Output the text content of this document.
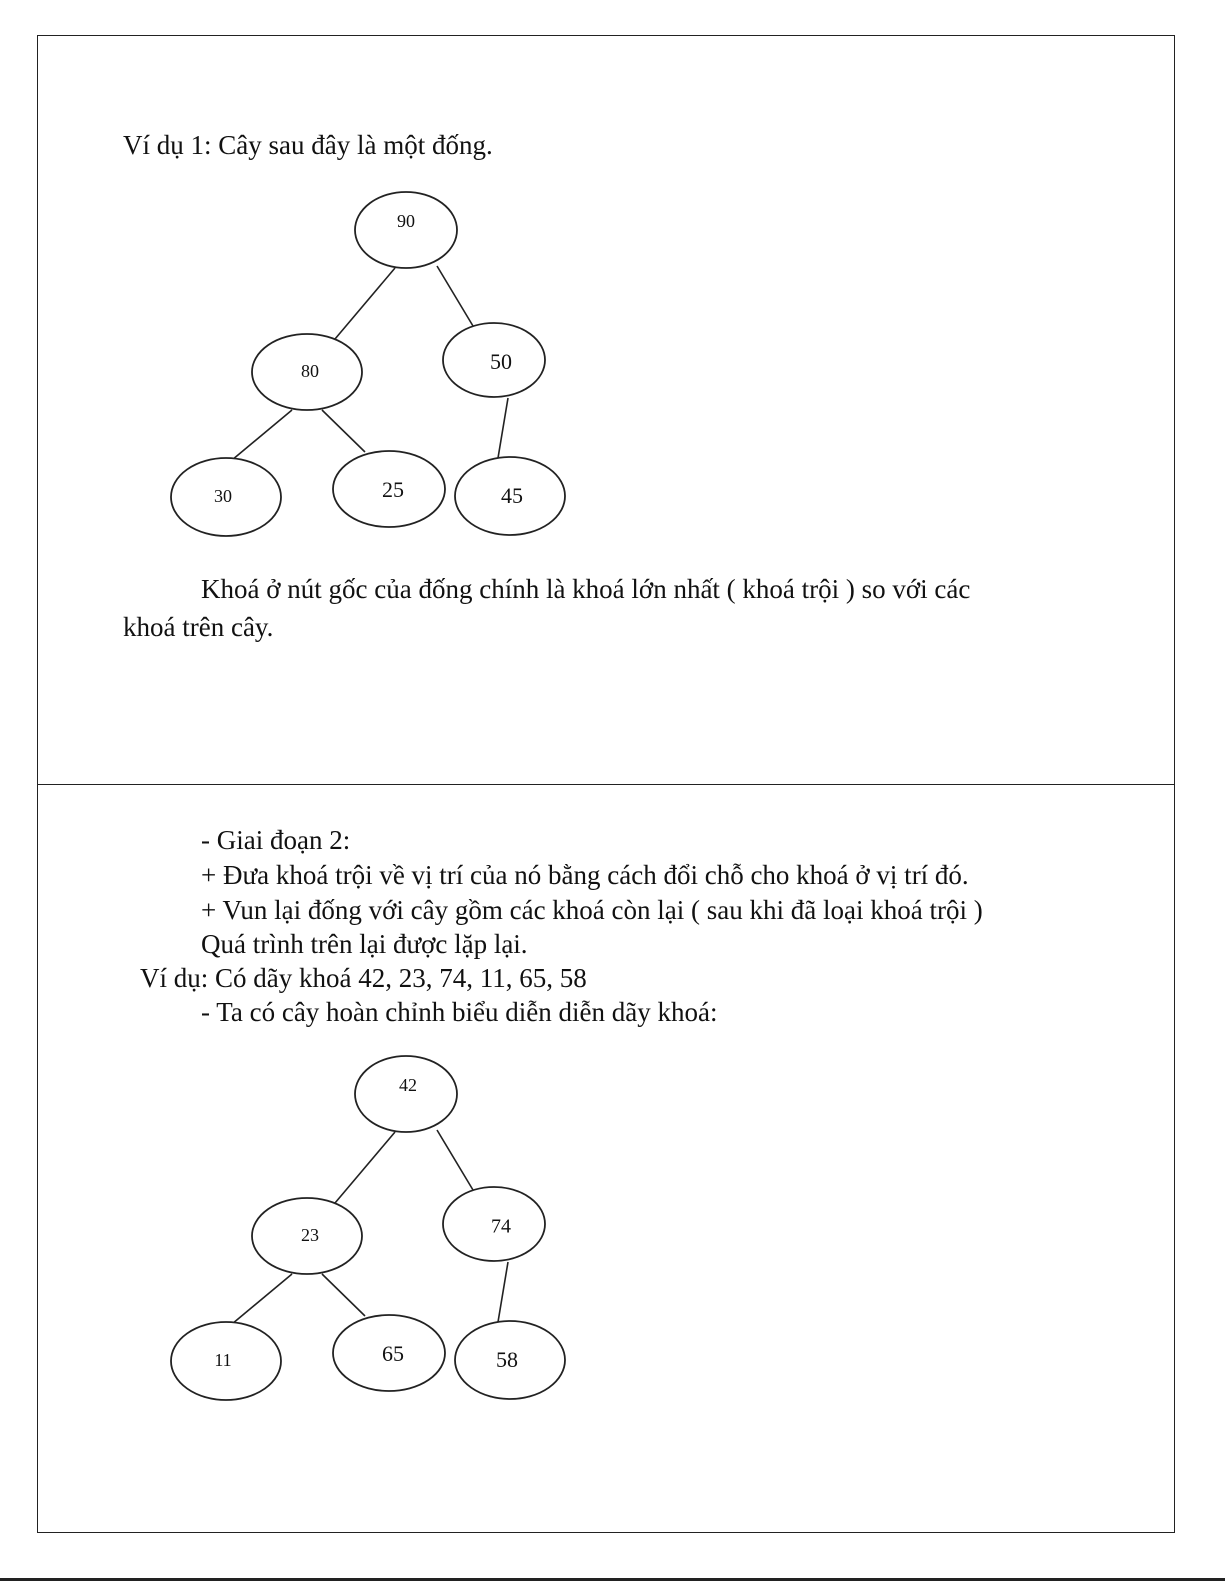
Ví dụ 1: Cây sau đây là một đống.
90
80	50
30	25	45
Khoá ở nút gốc của đống chính là khoá lớn nhất ( khoá trội ) so với các
khoá trên cây.
- Giai đoạn 2:
+ Đưa khoá trội về vị trí của nó bằng cách đổi chỗ cho khoá ở vị trí đó.
+ Vun lại đống với cây gồm các khoá còn lại ( sau khi đã loại khoá trội )
Quá trình trên lại được lặp lại.
Ví dụ: Có dãy khoá 42, 23, 74, 11, 65, 58
- Ta có cây hoàn chỉnh biểu diễn diễn dãy khoá:
42
23	74
11	65	58
